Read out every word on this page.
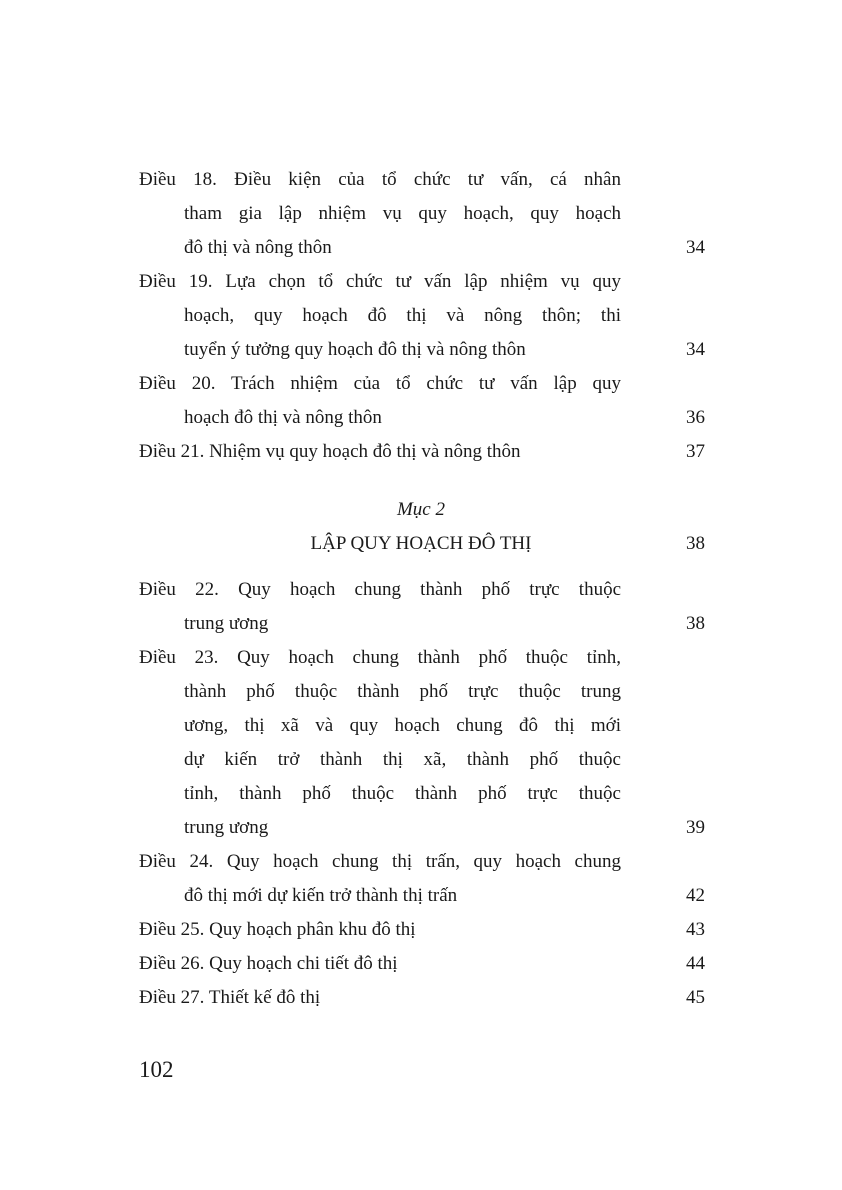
Điều 18. Điều kiện của tổ chức tư vấn, cá nhân
tham gia lập nhiệm vụ quy hoạch, quy hoạch
đô thị và nông thôn	34
Điều 19. Lựa chọn tổ chức tư vấn lập nhiệm vụ quy
hoạch, quy hoạch đô thị và nông thôn; thi
tuyển ý tưởng quy hoạch đô thị và nông thôn	34
Điều 20. Trách nhiệm của tổ chức tư vấn lập quy
hoạch đô thị và nông thôn	36
Điều 21. Nhiệm vụ quy hoạch đô thị và nông thôn	37
Mục 2
LẬP QUY HOẠCH ĐÔ THỊ	38
Điều 22. Quy hoạch chung thành phố trực thuộc
trung ương	38
Điều 23. Quy hoạch chung thành phố thuộc tỉnh,
thành phố thuộc thành phố trực thuộc trung
ương, thị xã và quy hoạch chung đô thị mới
dự kiến trở thành thị xã, thành phố thuộc
tỉnh, thành phố thuộc thành phố trực thuộc
trung ương	39
Điều 24. Quy hoạch chung thị trấn, quy hoạch chung
đô thị mới dự kiến trở thành thị trấn	42
Điều 25. Quy hoạch phân khu đô thị	43
Điều 26. Quy hoạch chi tiết đô thị	44
Điều 27. Thiết kế đô thị	45
102
